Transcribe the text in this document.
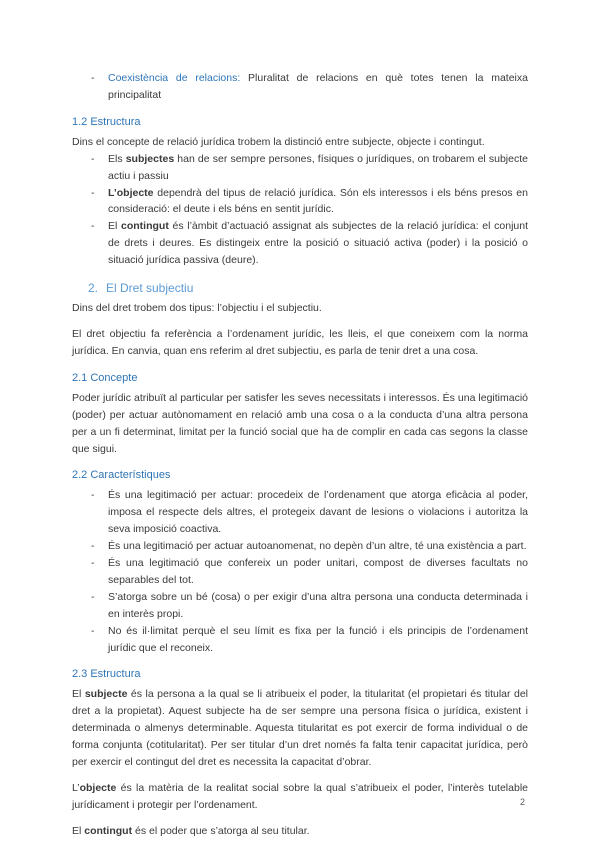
-	Coexistència de relacions: Pluralitat de relacions en què totes tenen la mateixa principalitat
1.2 Estructura

Dins el concepte de relació jurídica trobem la distinció entre subjecte, objecte i contingut.

-	Els subjectes han de ser sempre persones, físiques o jurídiques, on trobarem el subjecte actiu i passiu
-	L’objecte dependrà del tipus de relació jurídica. Són els interessos i els béns presos en consideració: el deute i els béns en sentit jurídic.
-	El contingut és l’àmbit d’actuació assignat als subjectes de la relació jurídica: el conjunt de drets i deures. Es distingeix entre la posició o situació activa (poder) i la posició o situació jurídica passiva (deure).
2. El Dret subjectiu

Dins del dret trobem dos tipus: l’objectiu i el subjectiu.

El dret objectiu fa referència a l’ordenament jurídic, les lleis, el que coneixem com la norma jurídica. En canvia, quan ens referim al dret subjectiu, es parla de tenir dret a una cosa.

2.1 Concepte

Poder jurídic atribuït al particular per satisfer les seves necessitats i interessos. És una legitimació (poder) per actuar autònomament en relació amb una cosa o a la conducta d’una altra persona per a un fi determinat, limitat per la funció social que ha de complir en cada cas segons la classe que sigui.

2.2 Característiques
-	És una legitimació per actuar: procedeix de l’ordenament que atorga eficàcia al poder, imposa el respecte dels altres, el protegeix davant de lesions o violacions i autoritza la seva imposició coactiva.
-	És una legitimació per actuar autoanomenat, no depèn d’un altre, té una existència a part.
-	És una legitimació que confereix un poder unitari, compost de diverses facultats no separables del tot.
-	S’atorga sobre un bé (cosa) o per exigir d’una altra persona una conducta determinada i en interès propi.
-	No és il·limitat perquè el seu límit es fixa per la funció i els principis de l’ordenament jurídic que el reconeix.
2.3 Estructura

El subjecte és la persona a la qual se li atribueix el poder, la titularitat (el propietari és titular del dret a la propietat). Aquest subjecte ha de ser sempre una persona física o jurídica, existent i determinada o almenys determinable. Aquesta titularitat es pot exercir de forma individual o de forma conjunta (cotitularitat). Per ser titular d’un dret només fa falta tenir capacitat jurídica, però per exercir el contingut del dret es necessita la capacitat d’obrar.

L’objecte és la matèria de la realitat social sobre la qual s’atribueix el poder, l’interès tutelable jurídicament i protegir per l’ordenament.

El contingut és el poder que s’atorga al seu titular.

2
